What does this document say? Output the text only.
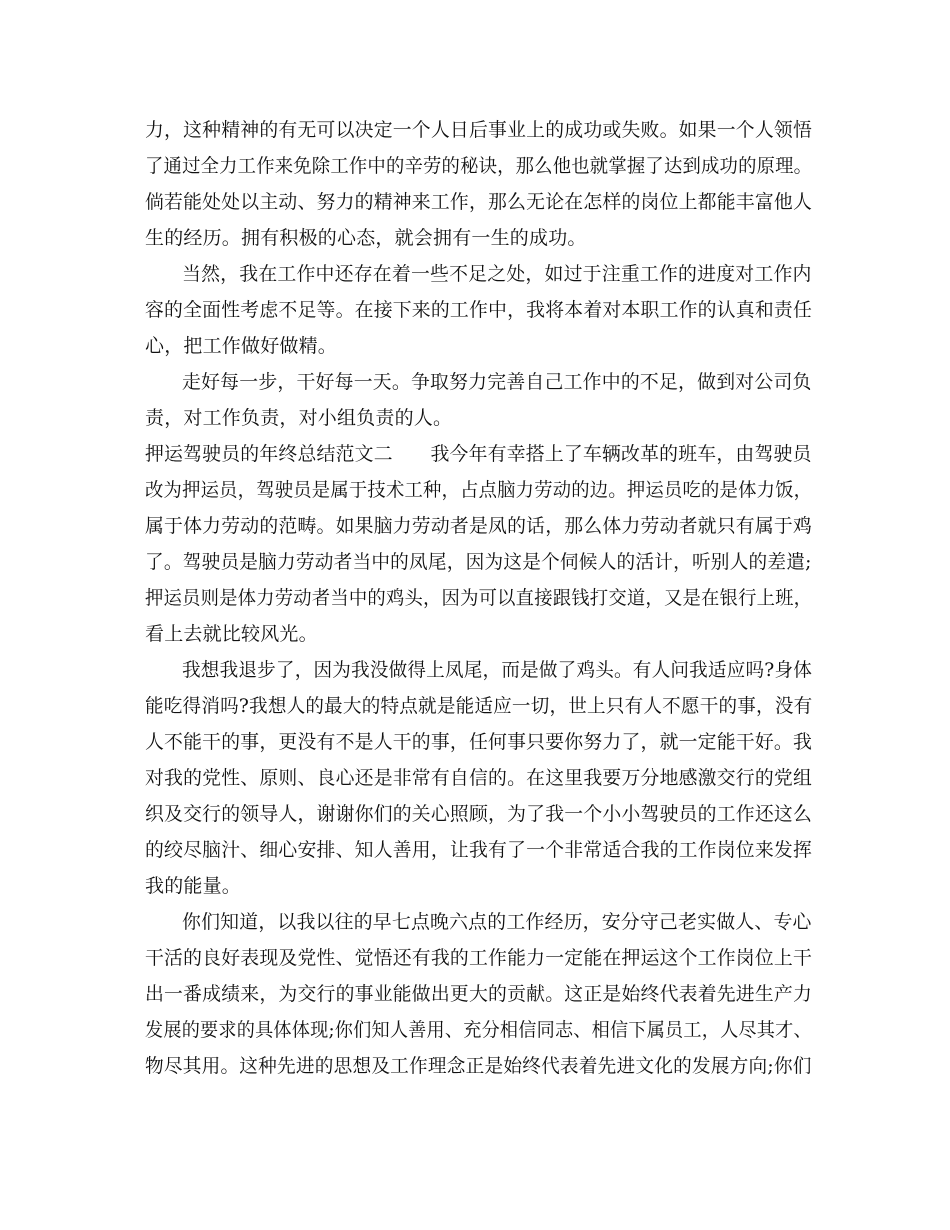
力，这种精神的有无可以决定一个人日后事业上的成功或失败。如果一个人领悟
了通过全力工作来免除工作中的辛劳的秘诀，那么他也就掌握了达到成功的原理。
倘若能处处以主动、努力的精神来工作，那么无论在怎样的岗位上都能丰富他人
生的经历。拥有积极的心态，就会拥有一生的成功。
当然，我在工作中还存在着一些不足之处，如过于注重工作的进度对工作内
容的全面性考虑不足等。在接下来的工作中，我将本着对本职工作的认真和责任
心，把工作做好做精。
走好每一步，干好每一天。争取努力完善自己工作中的不足，做到对公司负
责，对工作负责，对小组负责的人。
押运驾驶员的年终总结范文二 我今年有幸搭上了车辆改革的班车，由驾驶员
改为押运员，驾驶员是属于技术工种，占点脑力劳动的边。押运员吃的是体力饭，
属于体力劳动的范畴。如果脑力劳动者是凤的话，那么体力劳动者就只有属于鸡
了。驾驶员是脑力劳动者当中的凤尾，因为这是个伺候人的活计，听别人的差遣;
押运员则是体力劳动者当中的鸡头，因为可以直接跟钱打交道，又是在银行上班，
看上去就比较风光。
我想我退步了，因为我没做得上凤尾，而是做了鸡头。有人问我适应吗?身体
能吃得消吗?我想人的最大的特点就是能适应一切，世上只有人不愿干的事，没有
人不能干的事，更没有不是人干的事，任何事只要你努力了，就一定能干好。我
对我的党性、原则、良心还是非常有自信的。在这里我要万分地感激交行的党组
织及交行的领导人，谢谢你们的关心照顾，为了我一个小小驾驶员的工作还这么
的绞尽脑汁、细心安排、知人善用，让我有了一个非常适合我的工作岗位来发挥
我的能量。
你们知道，以我以往的早七点晚六点的工作经历，安分守己老实做人、专心
干活的良好表现及党性、觉悟还有我的工作能力一定能在押运这个工作岗位上干
出一番成绩来，为交行的事业能做出更大的贡献。这正是始终代表着先进生产力
发展的要求的具体体现;你们知人善用、充分相信同志、相信下属员工，人尽其才、
物尽其用。这种先进的思想及工作理念正是始终代表着先进文化的发展方向;你们
